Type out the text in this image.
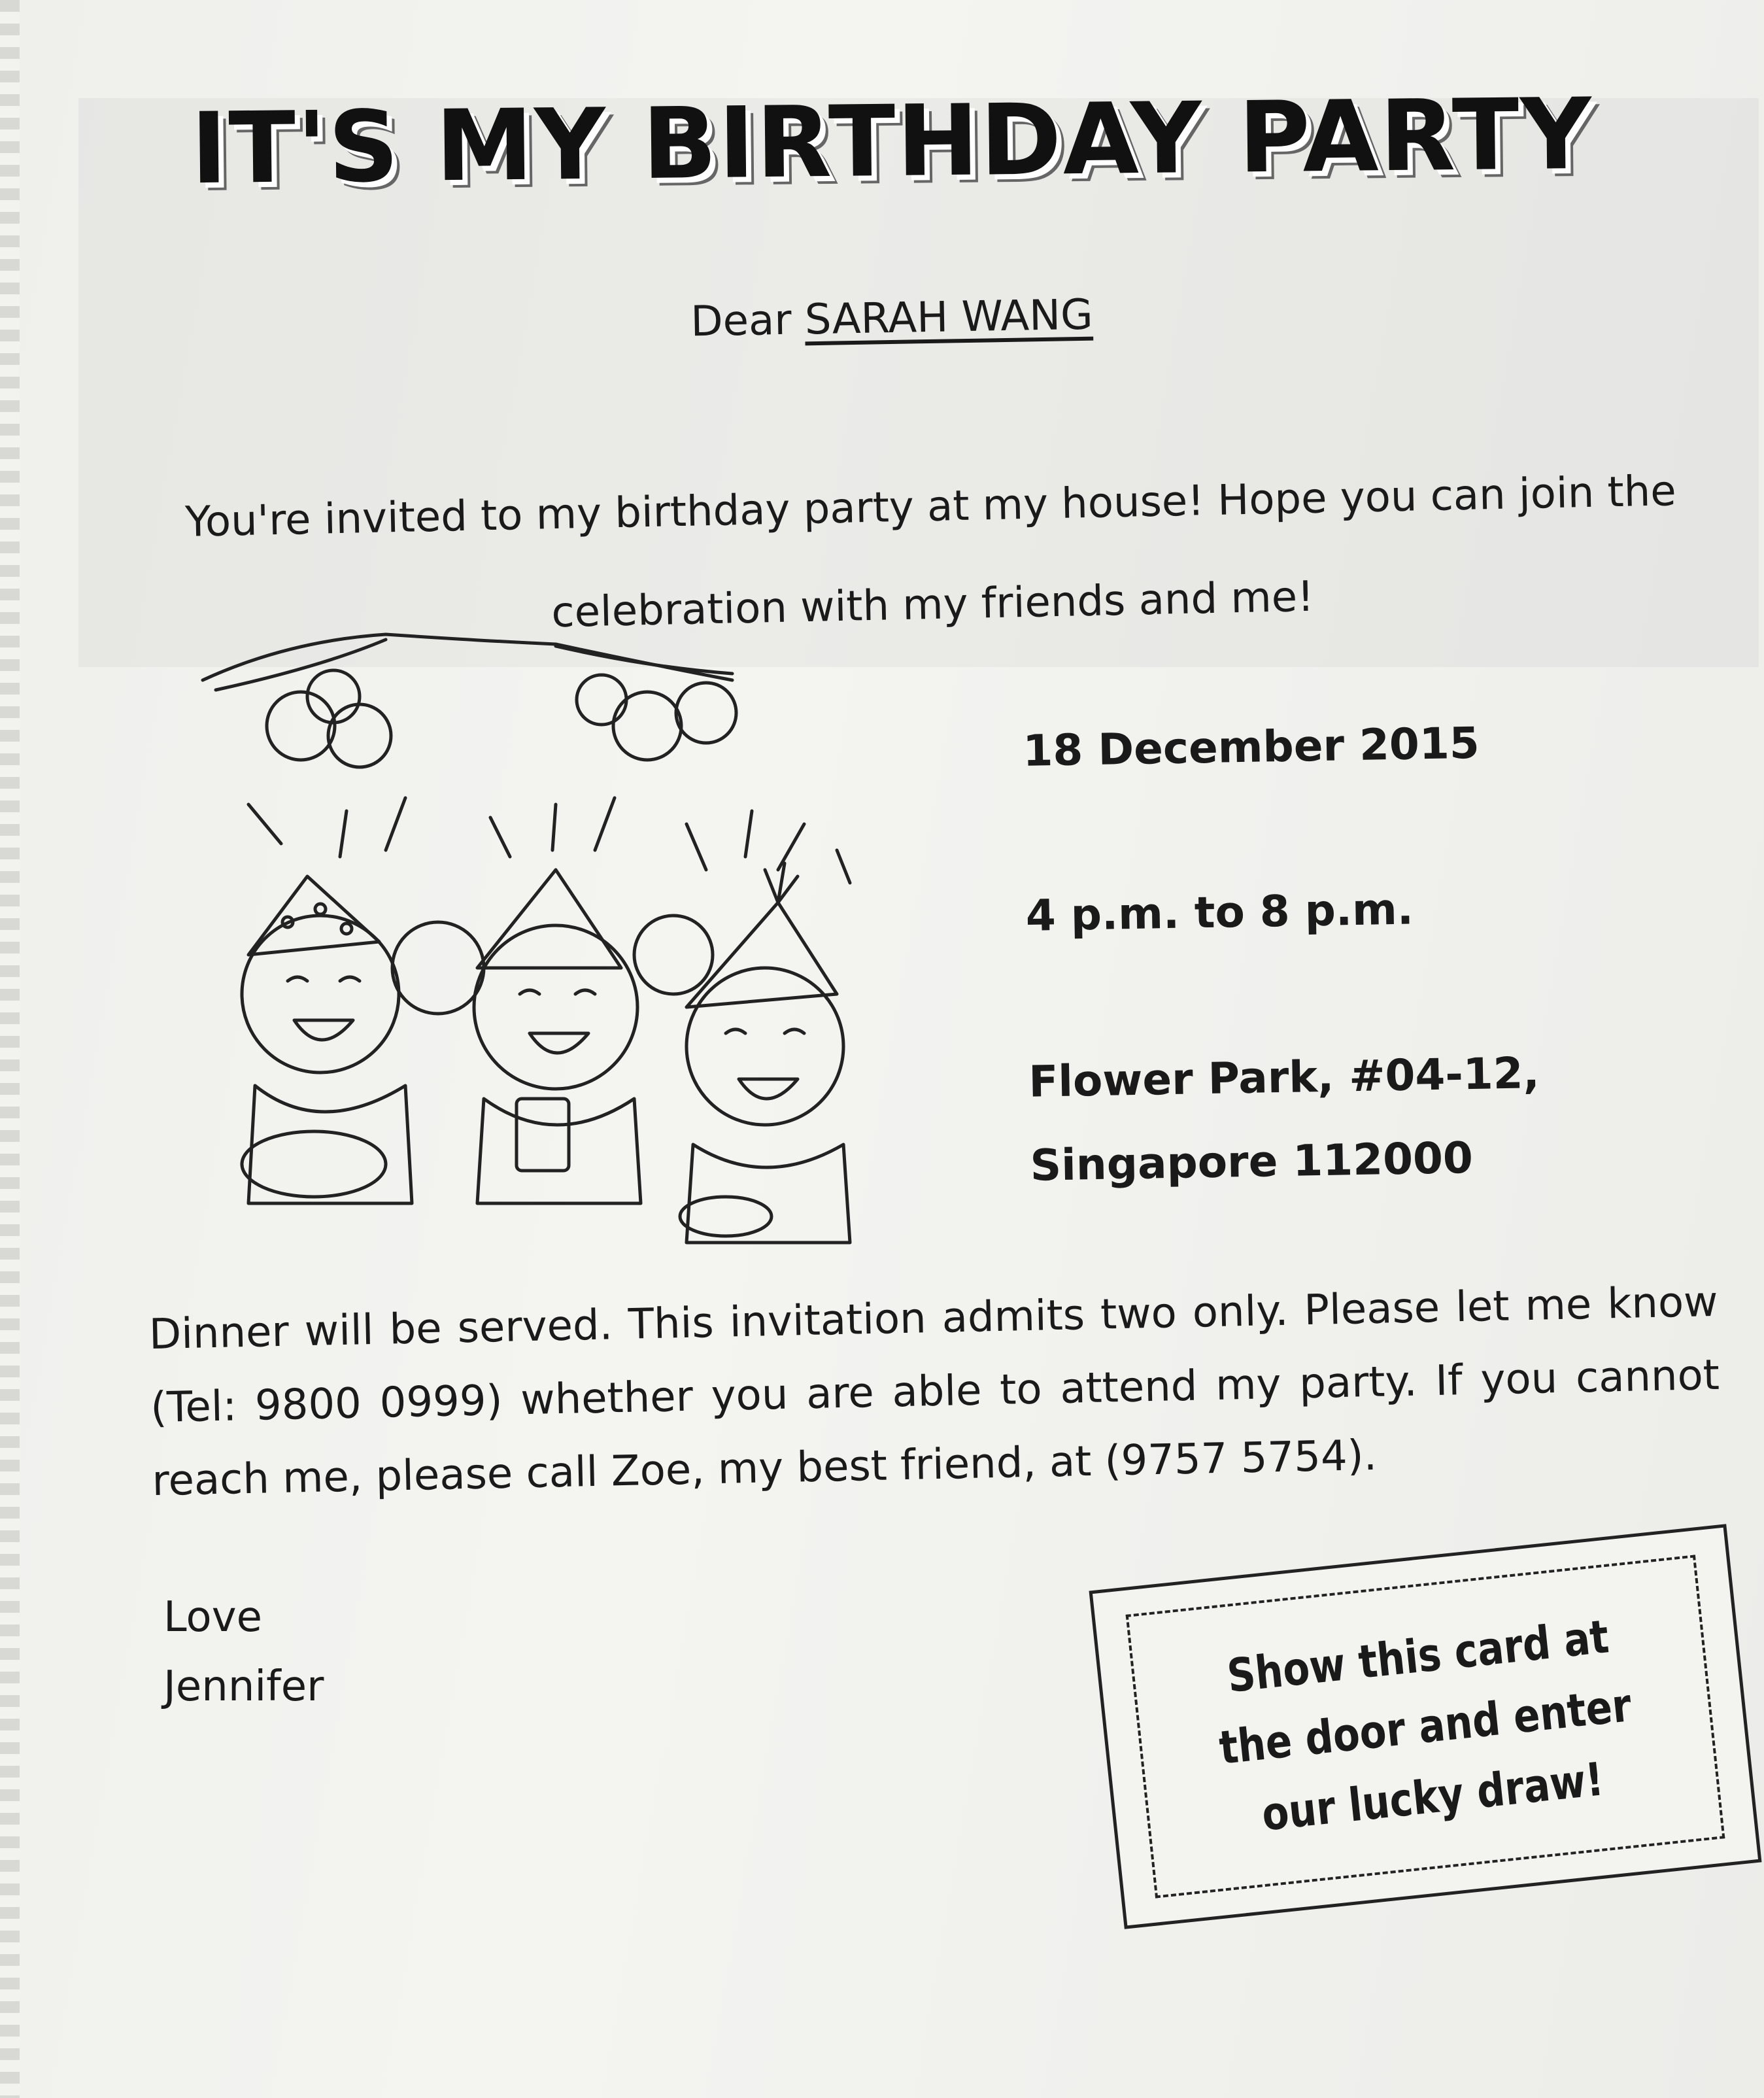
IT'S MY BIRTHDAY PARTY
Dear SARAH WANG
You're invited to my birthday party at my house! Hope you can join the celebration with my friends and me!
18 December 2015
4 p.m. to 8 p.m.
Flower Park, #04-12,
Singapore 112000
Dinner will be served. This invitation admits two only. Please let me know (Tel: 9800 0999) whether you are able to attend my party. If you cannot reach me, please call Zoe, my best friend, at (9757 5754).
Love
Jennifer	Show this card at
the door and enter
our lucky draw!
